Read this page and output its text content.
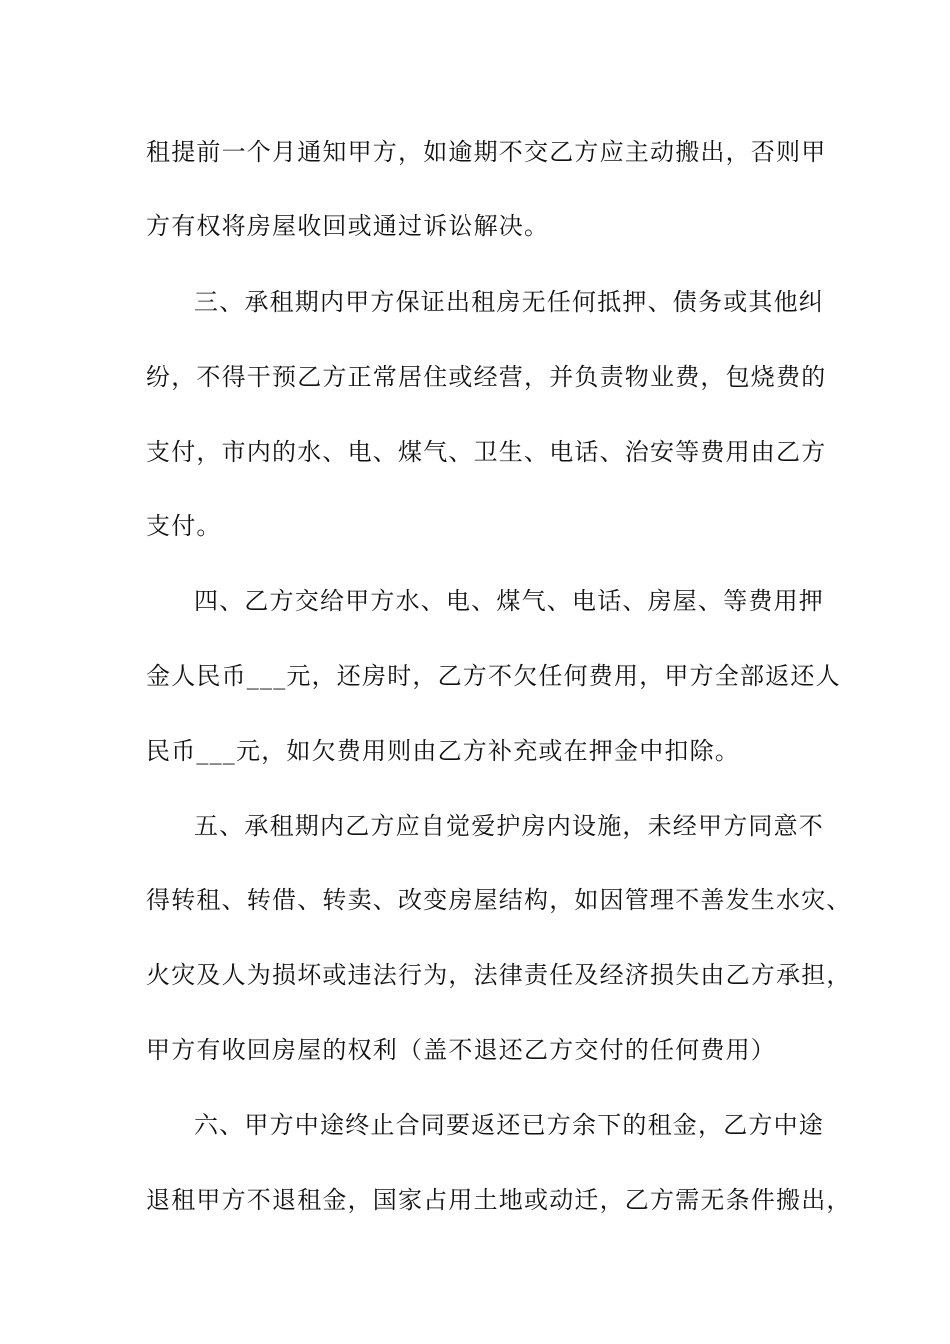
租提前一个月通知甲方，如逾期不交乙方应主动搬出，否则甲
方有权将房屋收回或通过诉讼解决。
三、承租期内甲方保证出租房无任何抵押、债务或其他纠
纷，不得干预乙方正常居住或经营，并负责物业费，包烧费的
支付，市内的水、电、煤气、卫生、电话、治安等费用由乙方
支付。
四、乙方交给甲方水、电、煤气、电话、房屋、等费用押
金人民币___元，还房时，乙方不欠任何费用，甲方全部返还人
民币___元，如欠费用则由乙方补充或在押金中扣除。
五、承租期内乙方应自觉爱护房内设施，未经甲方同意不
得转租、转借、转卖、改变房屋结构，如因管理不善发生水灾、
火灾及人为损坏或违法行为，法律责任及经济损失由乙方承担，
甲方有收回房屋的权利（盖不退还乙方交付的任何费用）
六、甲方中途终止合同要返还已方余下的租金，乙方中途
退租甲方不退租金，国家占用土地或动迁，乙方需无条件搬出，
